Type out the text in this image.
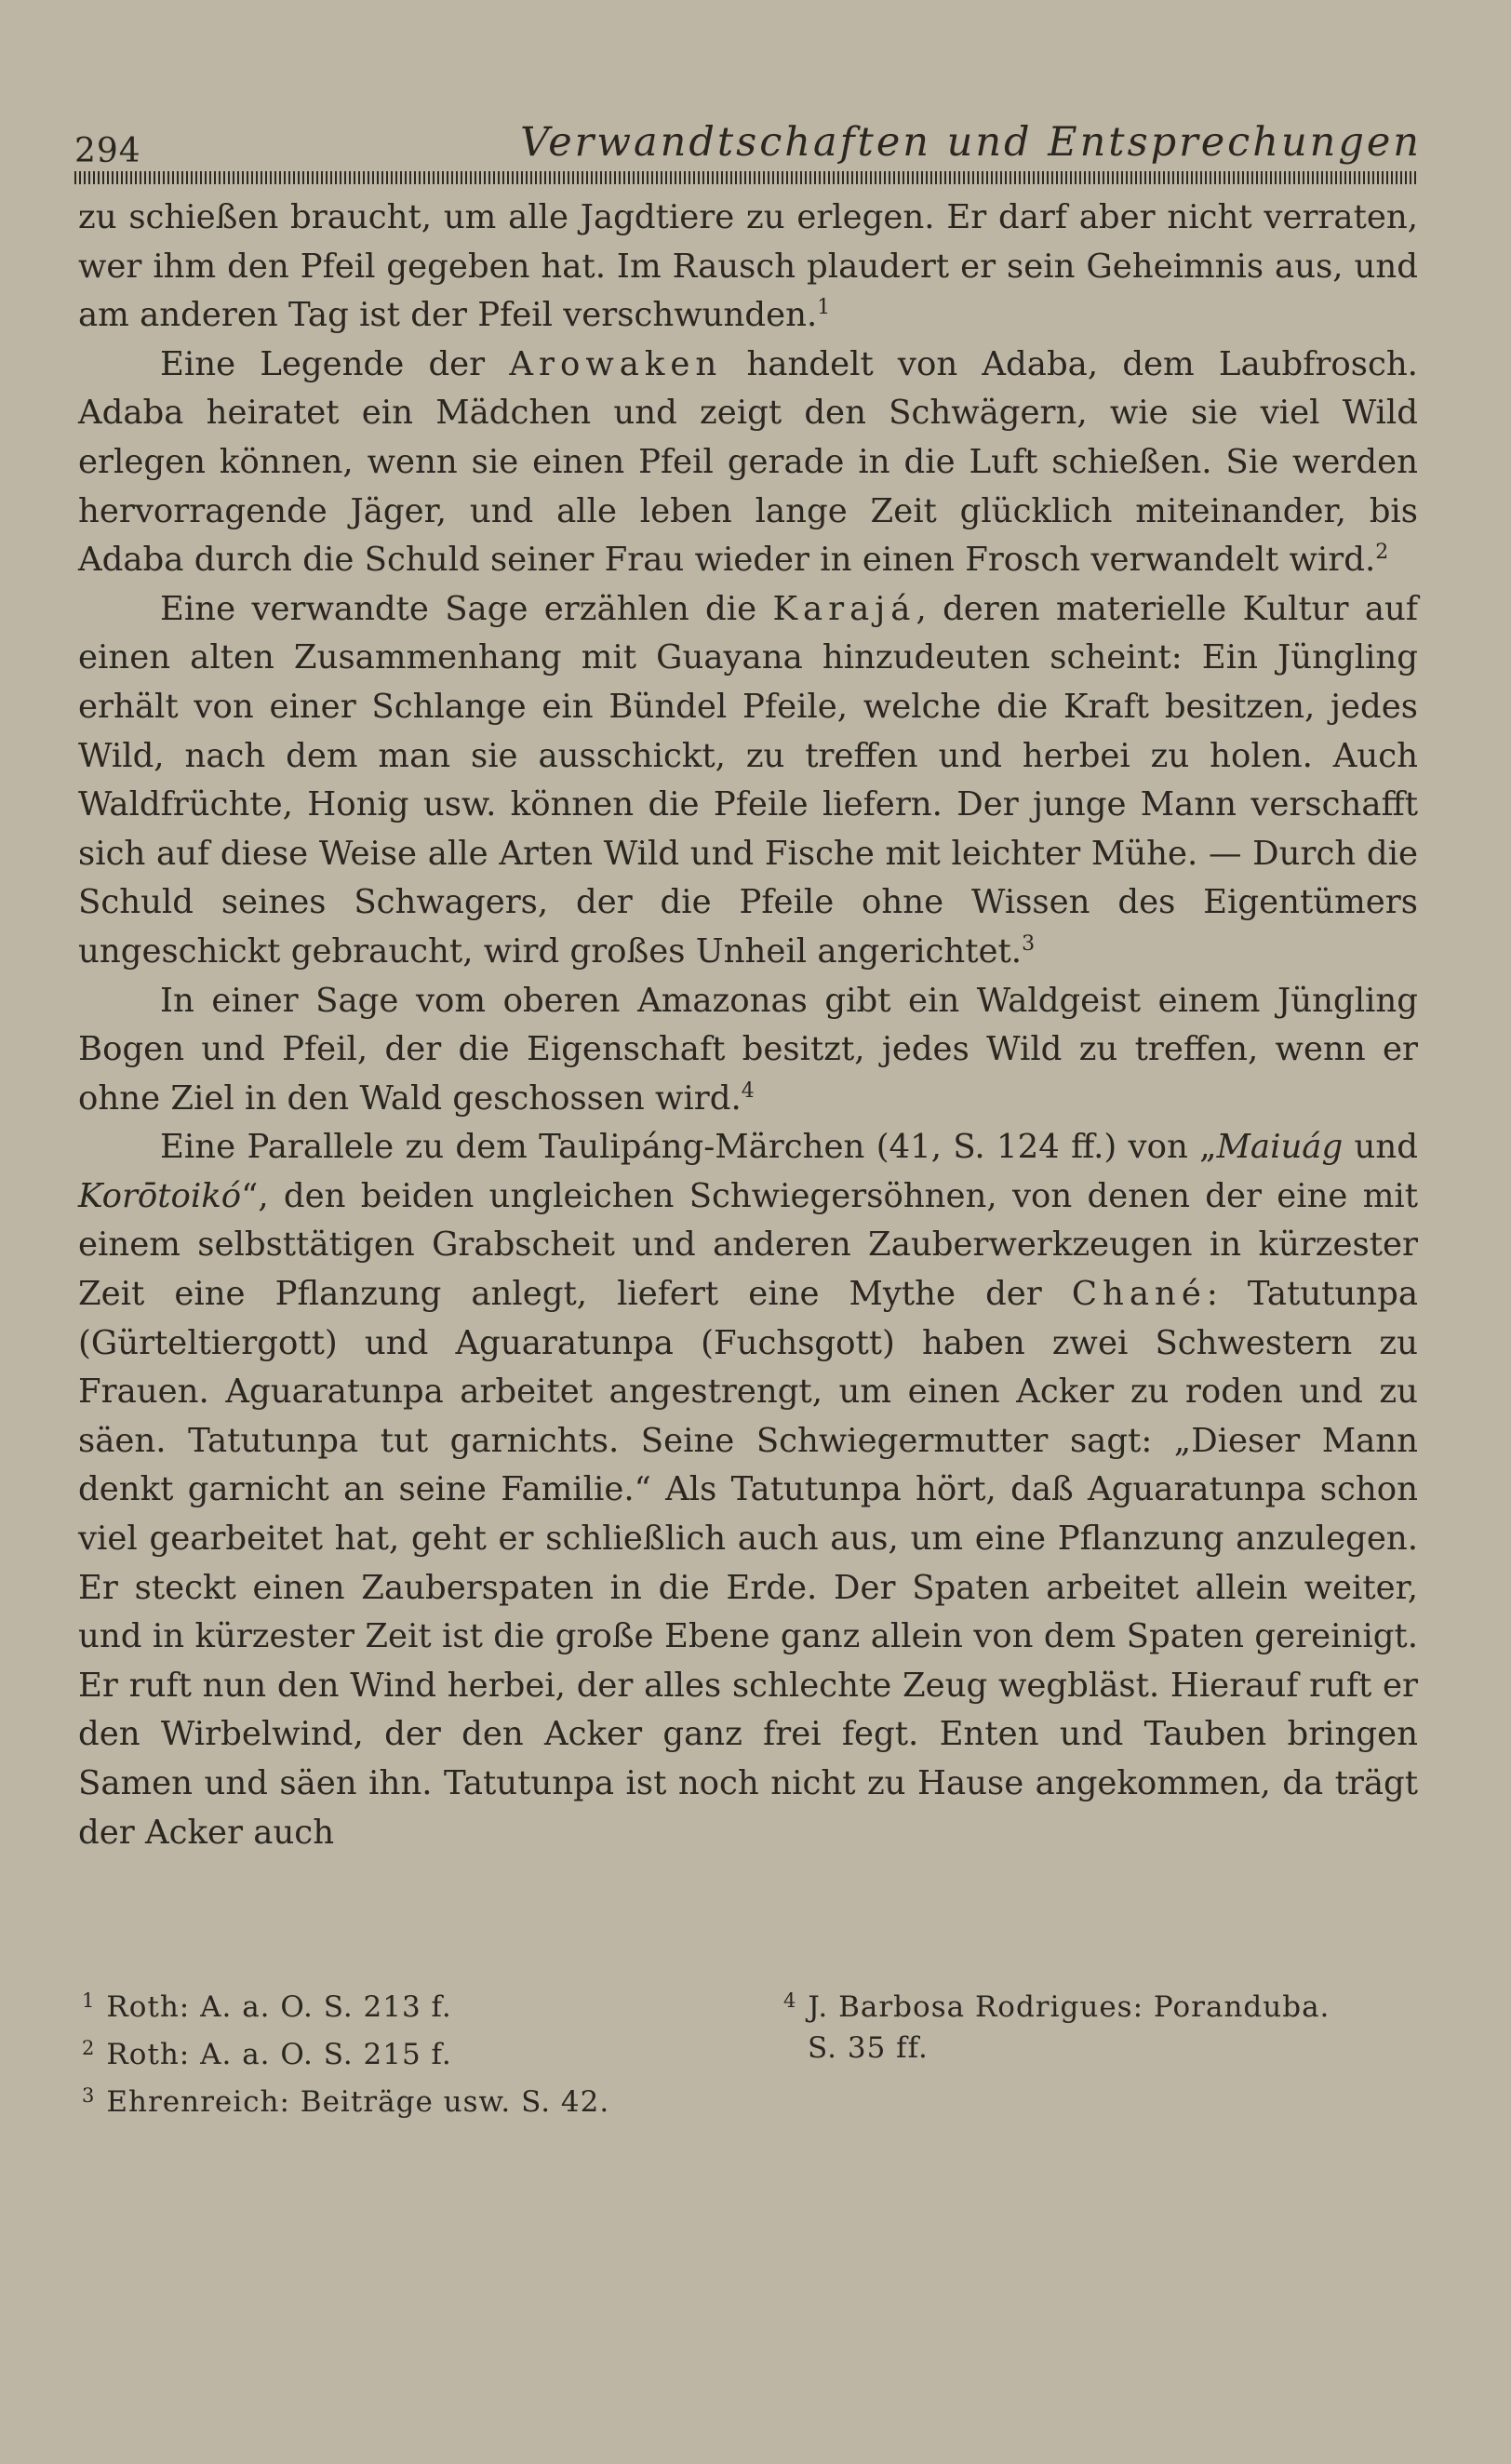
294	Verwandtschaften und Entsprechungen

zu schießen braucht, um alle Jagdtiere zu erlegen. Er darf aber nicht verraten, wer ihm den Pfeil gegeben hat. Im Rausch plaudert er sein Geheimnis aus, und am anderen Tag ist der Pfeil verschwunden.$^1$

Eine Legende der Arowaken handelt von Adaba, dem Laubfrosch. Adaba heiratet ein Mädchen und zeigt den Schwägern, wie sie viel Wild erlegen können, wenn sie einen Pfeil gerade in die Luft schießen. Sie werden hervorragende Jäger, und alle leben lange Zeit glücklich miteinander, bis Adaba durch die Schuld seiner Frau wieder in einen Frosch verwandelt wird.$^2$

Eine verwandte Sage erzählen die Karajá, deren materielle Kultur auf einen alten Zusammenhang mit Guayana hinzudeuten scheint: Ein Jüngling erhält von einer Schlange ein Bündel Pfeile, welche die Kraft besitzen, jedes Wild, nach dem man sie ausschickt, zu treffen und herbei zu holen. Auch Waldfrüchte, Honig usw. können die Pfeile liefern. Der junge Mann verschafft sich auf diese Weise alle Arten Wild und Fische mit leichter Mühe. — Durch die Schuld seines Schwagers, der die Pfeile ohne Wissen des Eigentümers ungeschickt gebraucht, wird großes Unheil angerichtet.$^3$

In einer Sage vom oberen Amazonas gibt ein Waldgeist einem Jüngling Bogen und Pfeil, der die Eigenschaft besitzt, jedes Wild zu treffen, wenn er ohne Ziel in den Wald geschossen wird.$^4$

Eine Parallele zu dem Taulipáng-Märchen (41, S. 124 ff.) von „Maiuág und Korōtoikó“, den beiden ungleichen Schwiegersöhnen, von denen der eine mit einem selbsttätigen Grabscheit und anderen Zauberwerkzeugen in kürzester Zeit eine Pflanzung anlegt, liefert eine Mythe der Chané: Tatutunpa (Gürteltiergott) und Aguaratunpa (Fuchsgott) haben zwei Schwestern zu Frauen. Aguaratunpa arbeitet angestrengt, um einen Acker zu roden und zu säen. Tatutunpa tut garnichts. Seine Schwiegermutter sagt: „Dieser Mann denkt garnicht an seine Familie.“ Als Tatutunpa hört, daß Aguaratunpa schon viel gearbeitet hat, geht er schließlich auch aus, um eine Pflanzung anzulegen. Er steckt einen Zauberspaten in die Erde. Der Spaten arbeitet allein weiter, und in kürzester Zeit ist die große Ebene ganz allein von dem Spaten gereinigt. Er ruft nun den Wind herbei, der alles schlechte Zeug wegbläst. Hierauf ruft er den Wirbelwind, der den Acker ganz frei fegt. Enten und Tauben bringen Samen und säen ihn. Tatutunpa ist noch nicht zu Hause angekommen, da trägt der Acker auch

$^1$ Roth: A. a. O. S. 213 f.
$^2$ Roth: A. a. O. S. 215 f.
$^3$ Ehrenreich: Beiträge usw. S. 42.
$^4$ J. Barbosa Rodrigues: Poranduba.
S. 35 ff.
